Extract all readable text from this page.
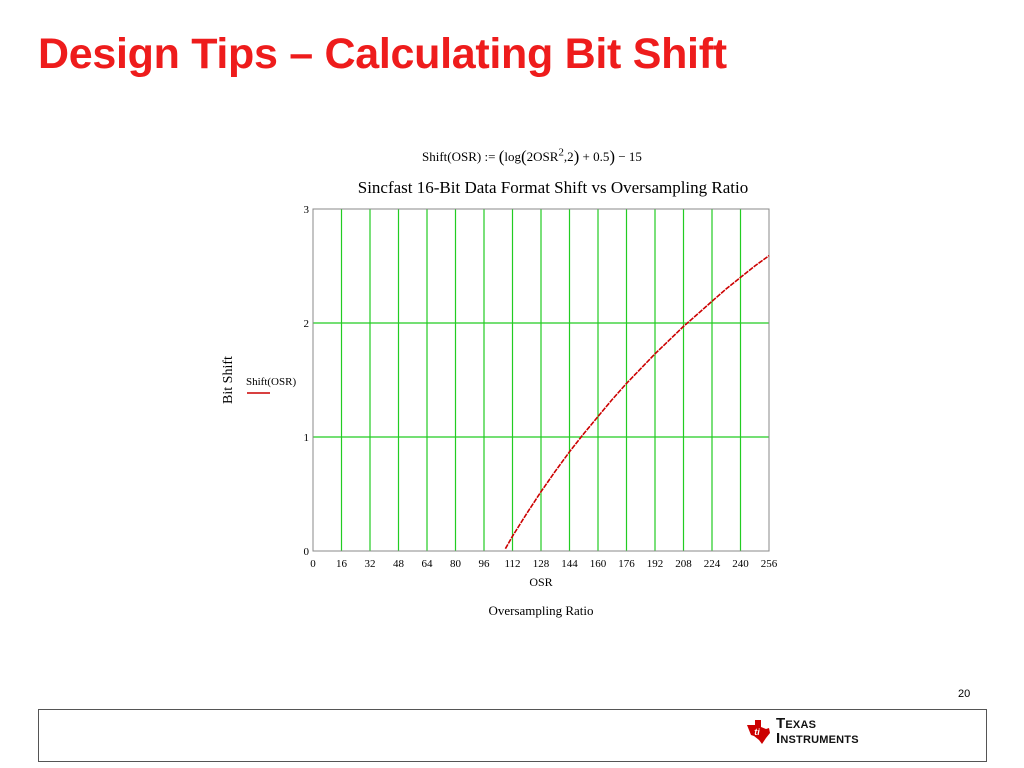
Design Tips – Calculating Bit Shift
Shift(OSR) := $(\log(2OSR^2,2) + 0.5) - 15$
Sincfast 16-Bit Data Format Shift vs Oversampling Ratio
0 16 32 48 64 80 96 112 128 144 160 176 192 208 224 240 256
0
1
2
3
OSR
Oversampling Ratio
Bit Shift Shift(OSR)
20
ti TEXAS
INSTRUMENTS
